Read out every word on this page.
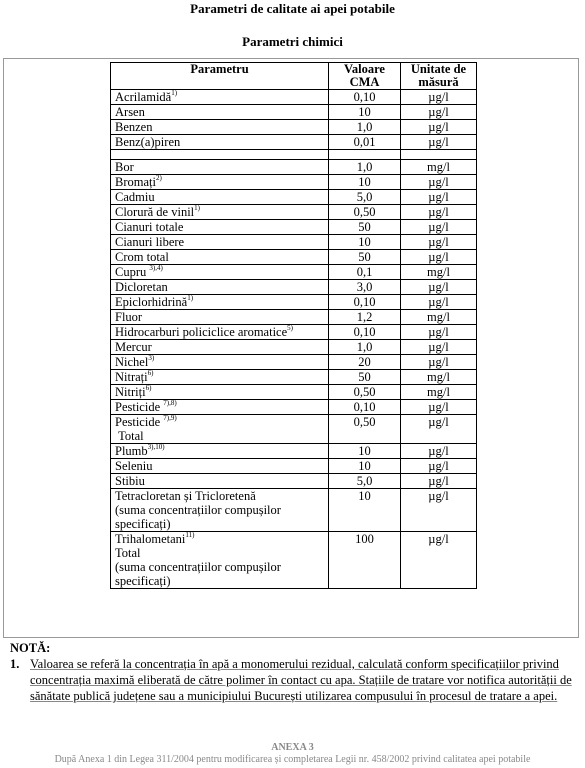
Parametri de calitate ai apei potabile
Parametri chimici
Parametru	Valoare CMA	Unitate de măsură
Acrilamidă$^{1)}$	0,10	µg/l
Arsen	10	µg/l
Benzen	1,0	µg/l
Benz(a)piren	0,01	µg/l

Bor	1,0	mg/l
Bromați$^{2)}$	10	µg/l
Cadmiu	5,0	µg/l
Clorură de vinil$^{1)}$	0,50	µg/l
Cianuri totale	50	µg/l
Cianuri libere	10	µg/l
Crom total	50	µg/l
Cupru $^{3),4)}$	0,1	mg/l
Dicloretan	3,0	µg/l
Epiclorhidrină$^{1)}$	0,10	µg/l
Fluor	1,2	mg/l
Hidrocarburi policiclice aromatice$^{5)}$	0,10	µg/l
Mercur	1,0	µg/l
Nichel$^{3)}$	20	µg/l
Nitrați$^{6)}$	50	mg/l
Nitriți$^{6)}$	0,50	mg/l
Pesticide $^{7),8)}$	0,10	µg/l
Pesticide $^{7),9)}$
Total	0,50	µg/l
Plumb$^{3),10)}$	10	µg/l
Seleniu	10	µg/l
Stibiu	5,0	µg/l
Tetracloretan și Tricloretenă
(suma concentrațiilor compușilor specificați)	10	µg/l
Trihalometani$^{11)}$
Total
(suma concentrațiilor compușilor specificați)	100	µg/l
NOTĂ:
1. Valoarea se referă la concentrația în apă a monomerului rezidual, calculată conform specificațiilor privind concentrația maximă eliberată de către polimer în contact cu apa. Stațiile de tratare vor notifica autorității de sănătate publică județene sau a municipiului București utilizarea compusului în procesul de tratare a apei.
ANEXA 3
După Anexa 1 din Legea 311/2004 pentru modificarea și completarea Legii nr. 458/2002 privind calitatea apei potabile
